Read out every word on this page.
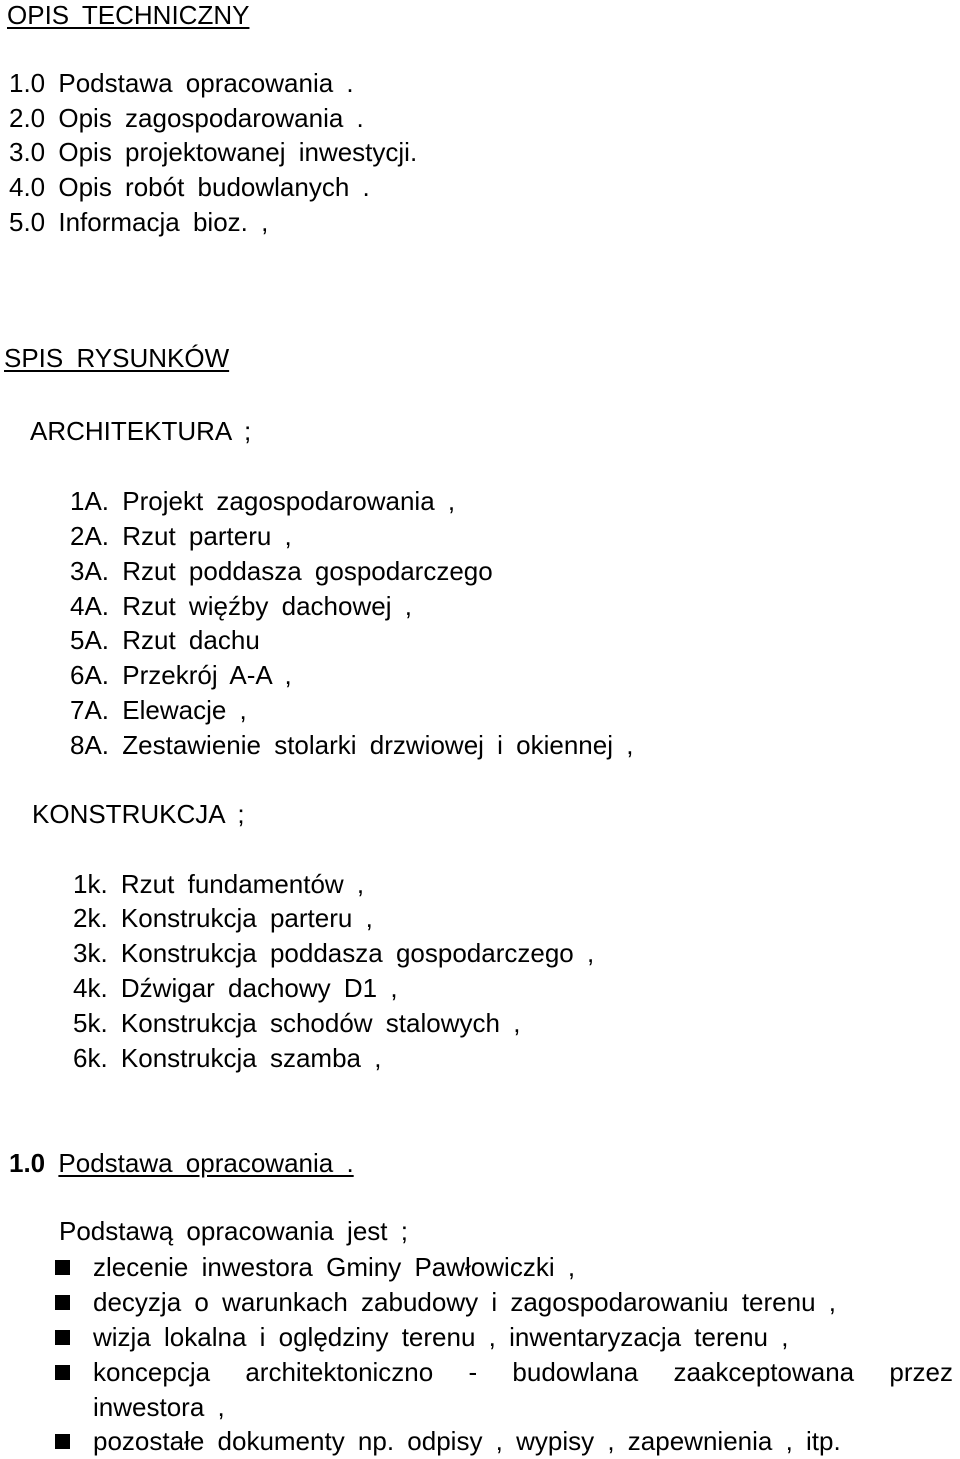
OPIS TECHNICZNY
1.0 Podstawa opracowania .
2.0 Opis zagospodarowania .
3.0 Opis projektowanej inwestycji.
4.0 Opis robót budowlanych .
5.0 Informacja bioz. ,
SPIS RYSUNKÓW
ARCHITEKTURA ;
1A. Projekt zagospodarowania ,
2A. Rzut parteru ,
3A. Rzut poddasza gospodarczego
4A. Rzut więźby dachowej ,
5A. Rzut dachu
6A. Przekrój A-A ,
7A. Elewacje ,
8A. Zestawienie stolarki drzwiowej i okiennej ,
KONSTRUKCJA ;
1k. Rzut fundamentów ,
2k. Konstrukcja parteru ,
3k. Konstrukcja poddasza gospodarczego ,
4k. Dźwigar dachowy D1 ,
5k. Konstrukcja schodów stalowych ,
6k. Konstrukcja szamba ,
1.0 Podstawa opracowania .
Podstawą opracowania jest ;
zlecenie inwestora Gminy Pawłowiczki ,
decyzja o warunkach zabudowy i zagospodarowaniu terenu ,
wizja lokalna i oględziny terenu , inwentaryzacja terenu ,
koncepcja architektoniczno - budowlana zaakceptowana przez inwestora ,
pozostałe dokumenty np. odpisy , wypisy , zapewnienia , itp.
